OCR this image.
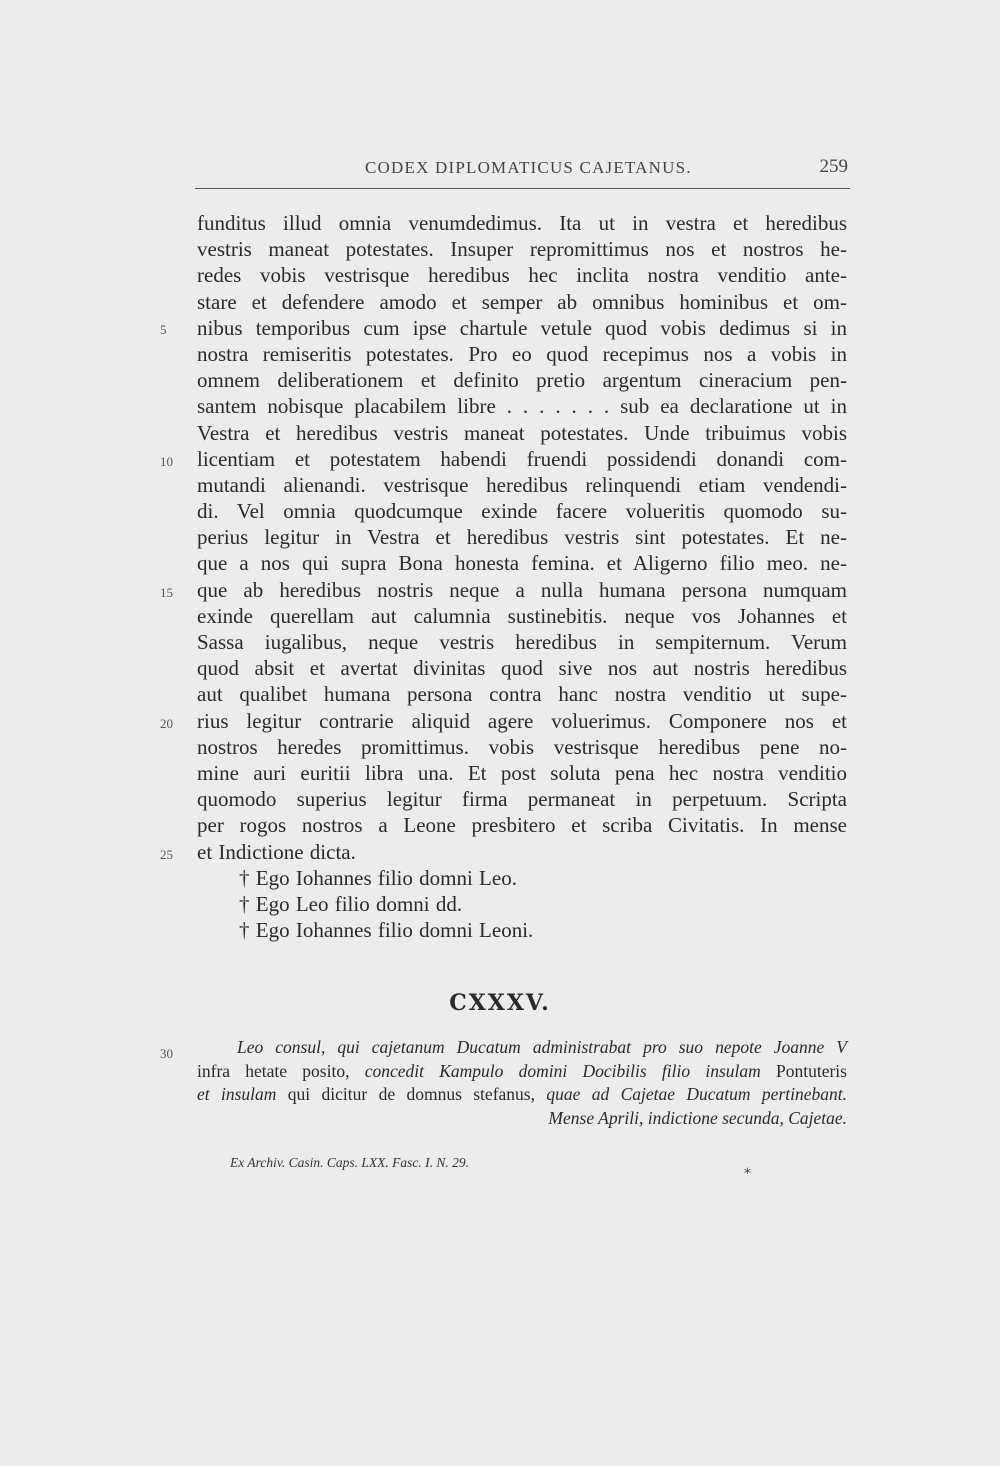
CODEX DIPLOMATICUS CAJETANUS.	259
5
10
15
20
25
funditus illud omnia venumdedimus. Ita ut in vestra et heredibus
vestris maneat potestates. Insuper repromittimus nos et nostros he-
redes vobis vestrisque heredibus hec inclita nostra venditio ante-
stare et defendere amodo et semper ab omnibus hominibus et om-
nibus temporibus cum ipse chartule vetule quod vobis dedimus si in
nostra remiseritis potestates. Pro eo quod recepimus nos a vobis in
omnem deliberationem et definito pretio argentum cineracium pen-
santem nobisque placabilem libre . . . . . . . sub ea declaratione ut in
Vestra et heredibus vestris maneat potestates. Unde tribuimus vobis
licentiam et potestatem habendi fruendi possidendi donandi com-
mutandi alienandi. vestrisque heredibus relinquendi etiam vendendi-
di. Vel omnia quodcumque exinde facere volueritis quomodo su-
perius legitur in Vestra et heredibus vestris sint potestates. Et ne-
que a nos qui supra Bona honesta femina. et Aligerno filio meo. ne-
que ab heredibus nostris neque a nulla humana persona numquam
exinde querellam aut calumnia sustinebitis. neque vos Johannes et
Sassa iugalibus, neque vestris heredibus in sempiternum. Verum
quod absit et avertat divinitas quod sive nos aut nostris heredibus
aut qualibet humana persona contra hanc nostra venditio ut supe-
rius legitur contrarie aliquid agere voluerimus. Componere nos et
nostros heredes promittimus. vobis vestrisque heredibus pene no-
mine auri euritii libra una. Et post soluta pena hec nostra venditio
quomodo superius legitur firma permaneat in perpetuum. Scripta
per rogos nostros a Leone presbitero et scriba Civitatis. In mense
et Indictione dicta.
† Ego Iohannes filio domni Leo.
† Ego Leo filio domni dd.
† Ego Iohannes filio domni Leoni.
CXXXV.
30	Leo consul, qui cajetanum Ducatum administrabat pro suo nepote Joanne V
infra hetate posito, concedit Kampulo domini Docibilis filio insulam Pontuteris
et insulam qui dicitur de domnus stefanus, quae ad Cajetae Ducatum pertinebant.
Mense Aprili, indictione secunda, Cajetae.
Ex Archiv. Casin. Caps. LXX. Fasc. I. N. 29.
*
